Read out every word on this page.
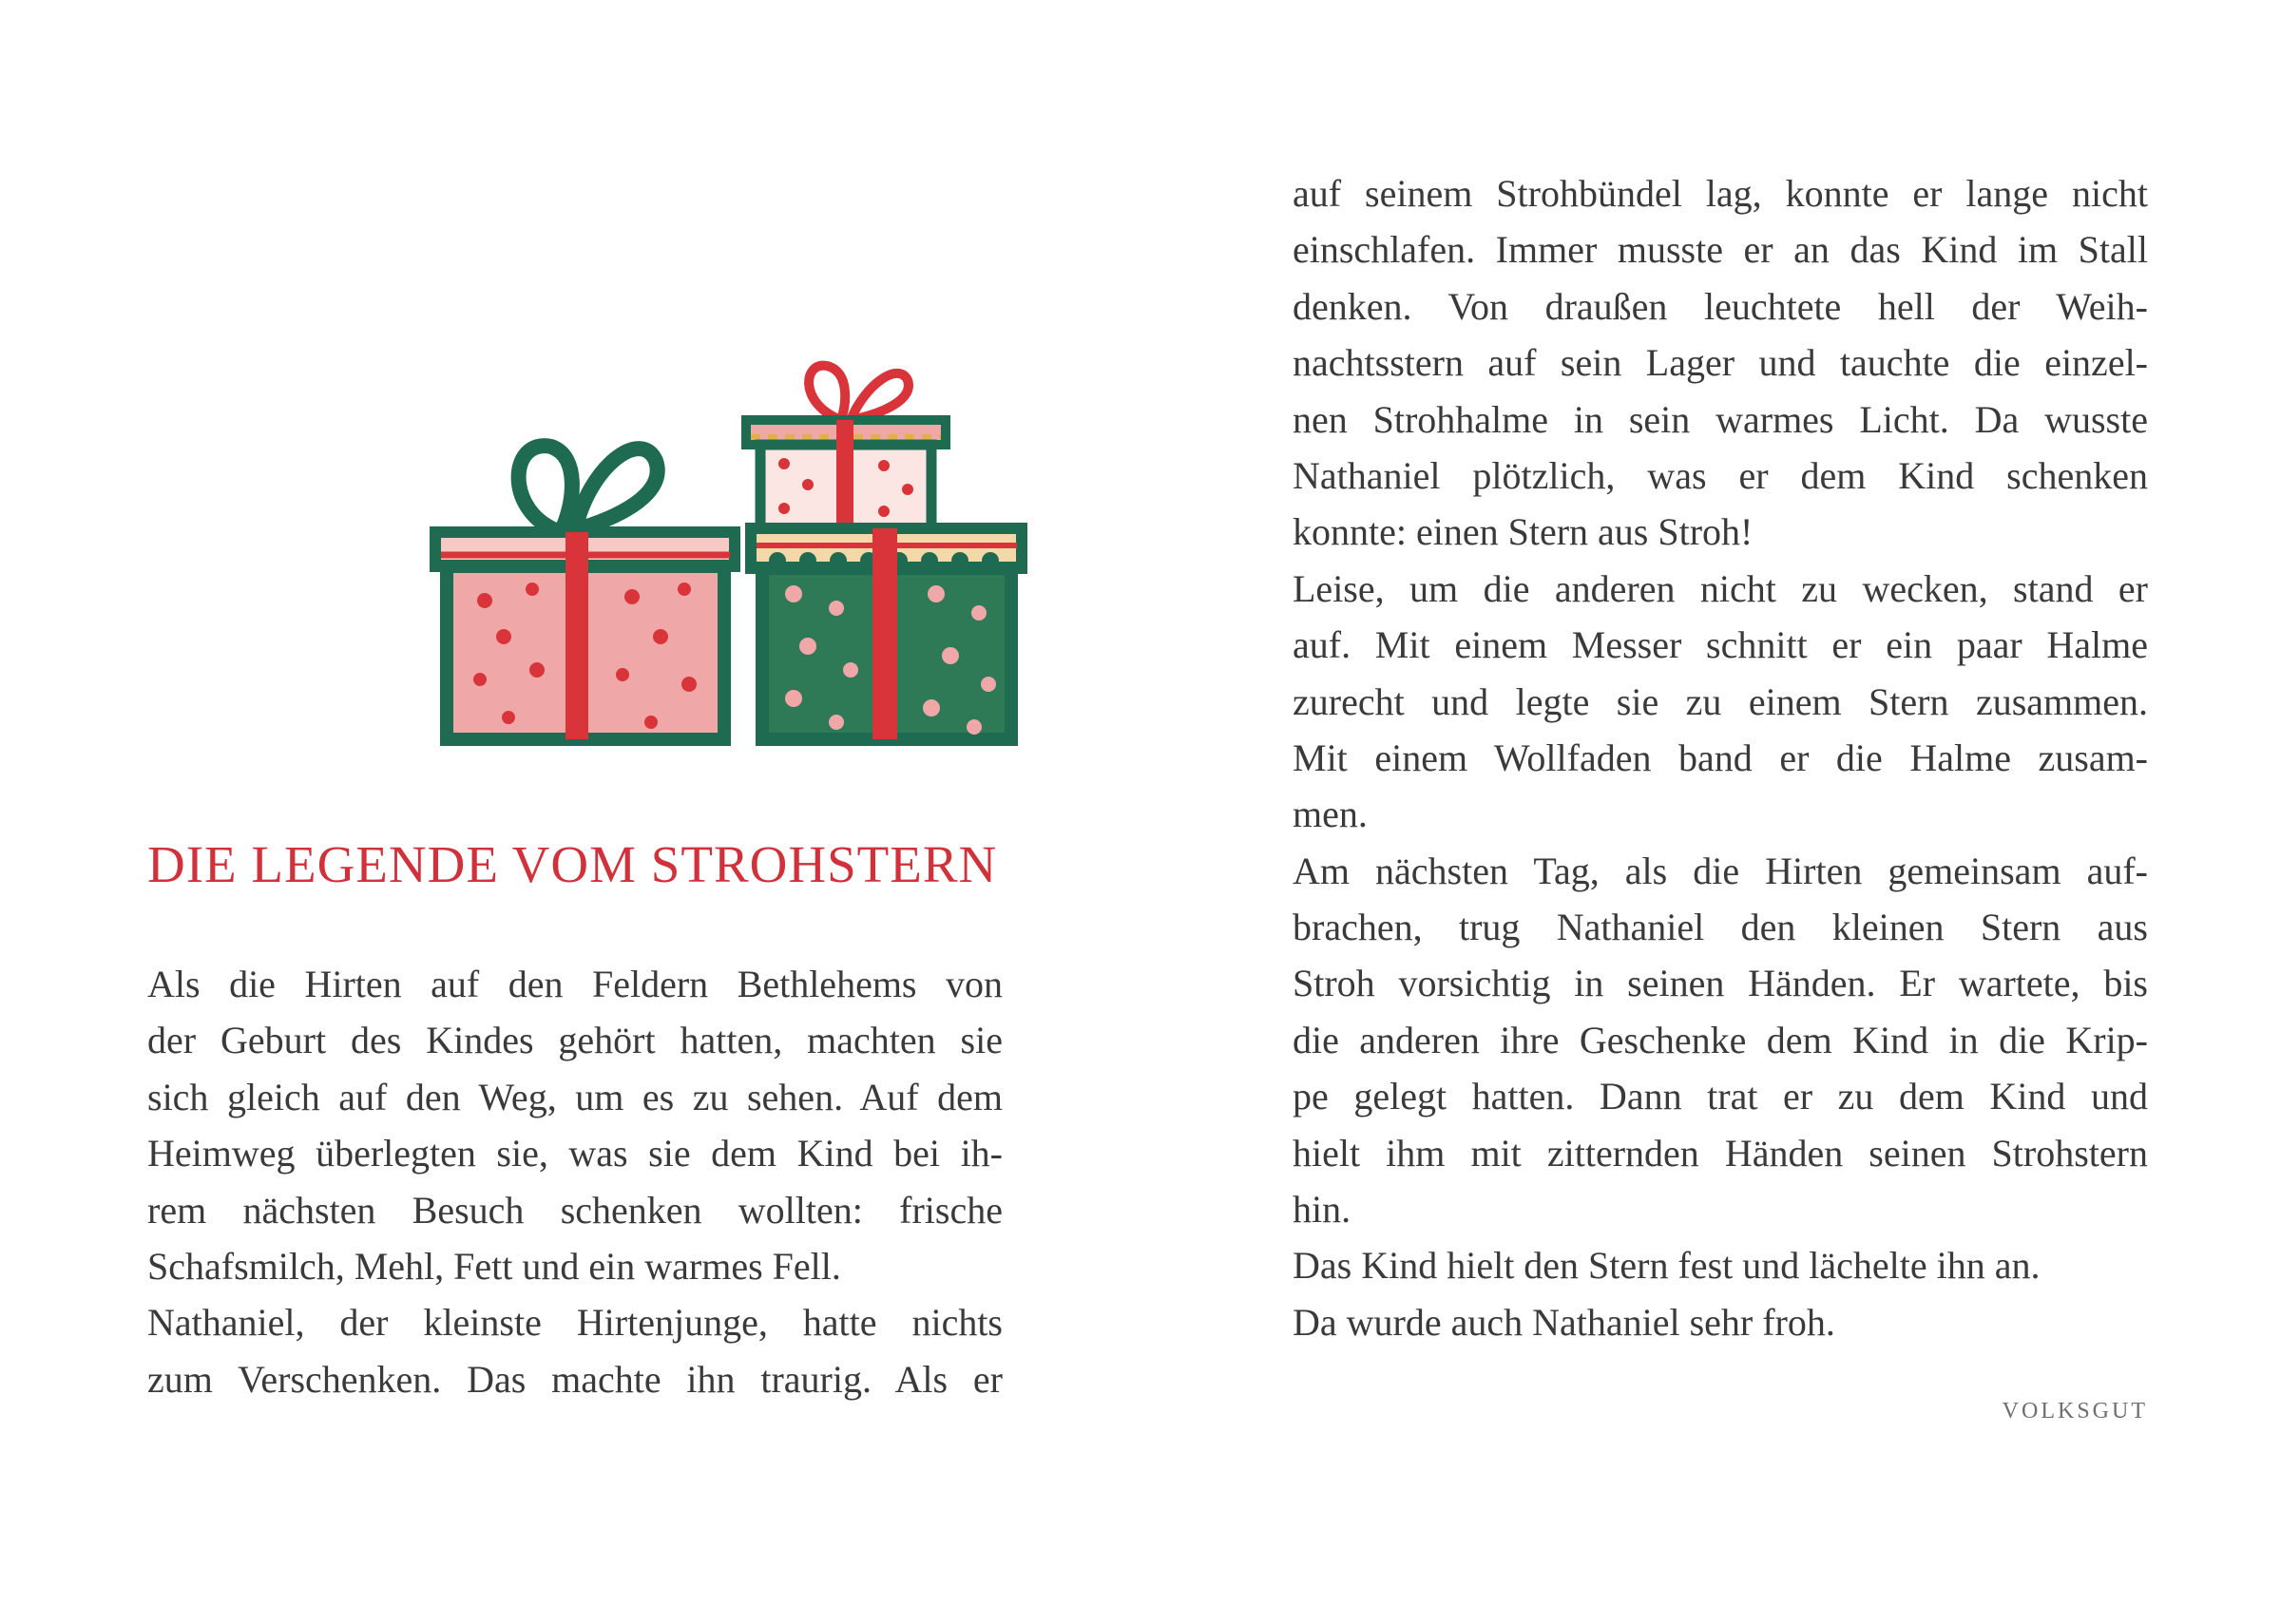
DIE LEGENDE VOM STROHSTERN
Als die Hirten auf den Feldern Bethlehems von
der Geburt des Kindes gehört hatten, machten sie
sich gleich auf den Weg, um es zu sehen. Auf dem
Heimweg überlegten sie, was sie dem Kind bei ih-
rem nächsten Besuch schenken wollten: frische
Schafsmilch, Mehl, Fett und ein warmes Fell.
Nathaniel, der kleinste Hirtenjunge, hatte nichts
zum Verschenken. Das machte ihn traurig. Als er
auf seinem Strohbündel lag, konnte er lange nicht
einschlafen. Immer musste er an das Kind im Stall
denken. Von draußen leuchtete hell der Weih-
nachtsstern auf sein Lager und tauchte die einzel-
nen Strohhalme in sein warmes Licht. Da wusste
Nathaniel plötzlich, was er dem Kind schenken
konnte: einen Stern aus Stroh!
Leise, um die anderen nicht zu wecken, stand er
auf. Mit einem Messer schnitt er ein paar Halme
zurecht und legte sie zu einem Stern zusammen.
Mit einem Wollfaden band er die Halme zusam-
men.
Am nächsten Tag, als die Hirten gemeinsam auf-
brachen, trug Nathaniel den kleinen Stern aus
Stroh vorsichtig in seinen Händen. Er wartete, bis
die anderen ihre Geschenke dem Kind in die Krip-
pe gelegt hatten. Dann trat er zu dem Kind und
hielt ihm mit zitternden Händen seinen Strohstern
hin.
Das Kind hielt den Stern fest und lächelte ihn an.
Da wurde auch Nathaniel sehr froh.
VOLKSGUT
